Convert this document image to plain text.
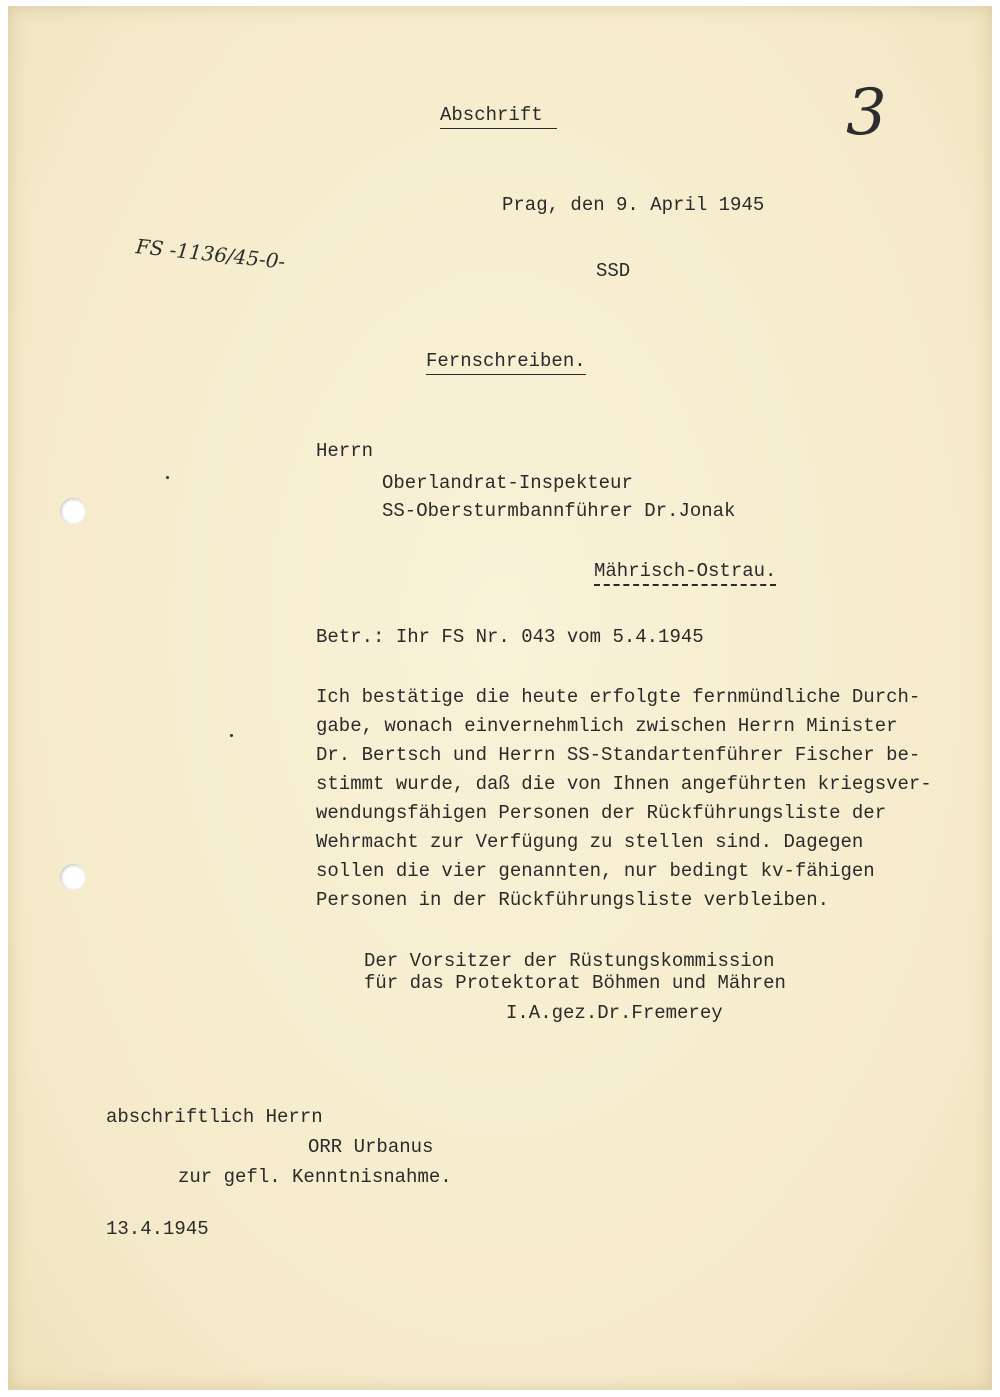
Abschrift	3
FS -1136/45-0-
Prag, den 9. April 1945
SSD
Fernschreiben.
Herrn
Oberlandrat-Inspekteur
SS-Obersturmbannführer Dr.Jonak
Mährisch-Ostrau.
Betr.: Ihr FS Nr. 043 vom 5.4.1945
Ich bestätige die heute erfolgte fernmündliche Durch-
gabe, wonach einvernehmlich zwischen Herrn Minister
Dr. Bertsch und Herrn SS-Standartenführer Fischer be-
stimmt wurde, daß die von Ihnen angeführten kriegsver-
wendungsfähigen Personen der Rückführungsliste der
Wehrmacht zur Verfügung zu stellen sind. Dagegen
sollen die vier genannten, nur bedingt kv-fähigen
Personen in der Rückführungsliste verbleiben.
Der Vorsitzer der Rüstungskommission
für das Protektorat Böhmen und Mähren
I.A.gez.Dr.Fremerey
abschriftlich Herrn
ORR Urbanus
zur gefl. Kenntnisnahme.
13.4.1945
